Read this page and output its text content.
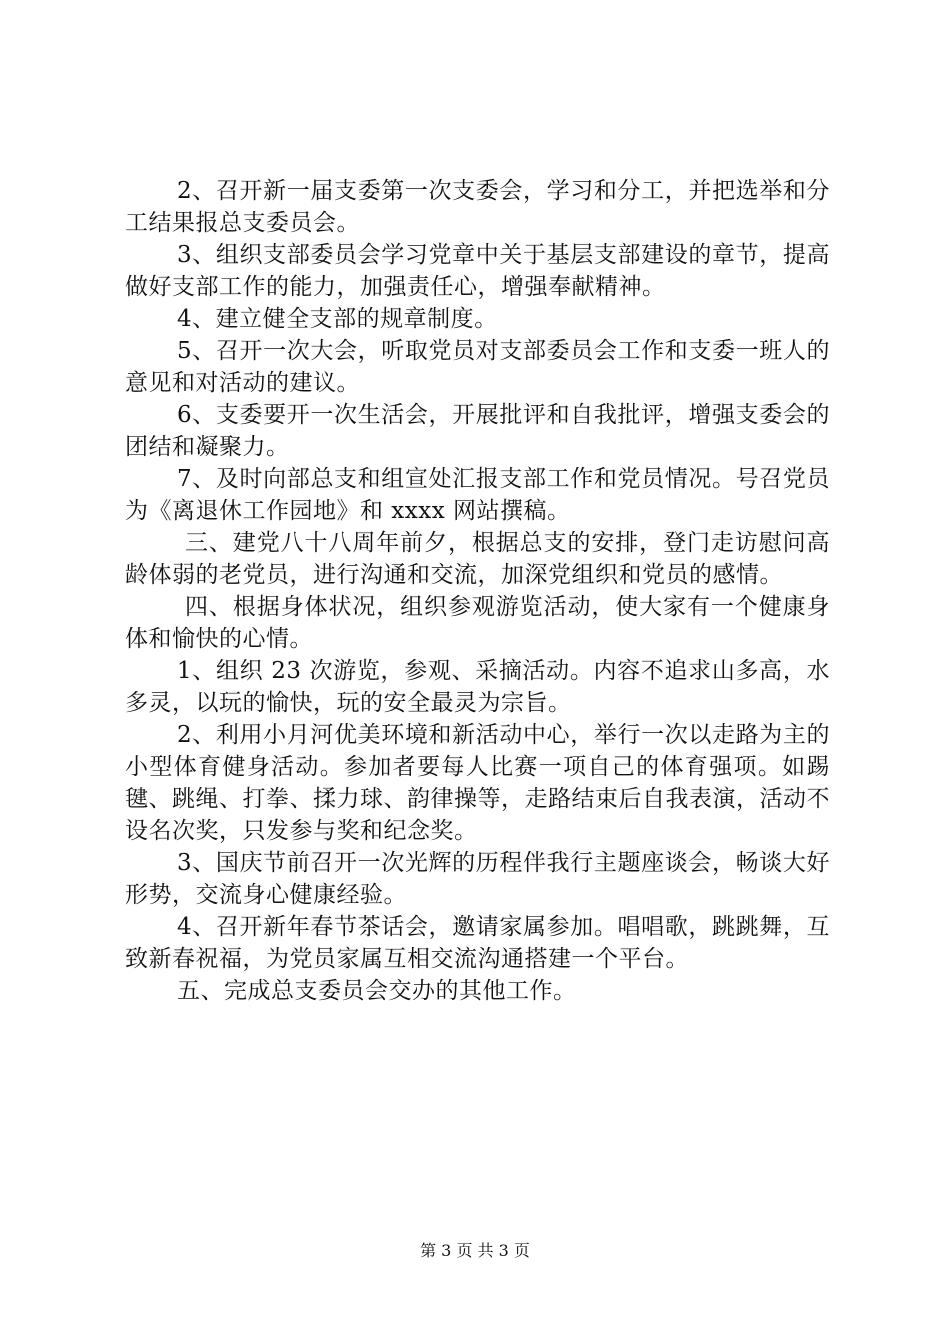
2、召开新一届支委第一次支委会，学习和分工，并把选举和分工结果报总支委员会。

3、组织支部委员会学习党章中关于基层支部建设的章节，提高做好支部工作的能力，加强责任心，增强奉献精神。

4、建立健全支部的规章制度。

5、召开一次大会，听取党员对支部委员会工作和支委一班人的意见和对活动的建议。

6、支委要开一次生活会，开展批评和自我批评，增强支委会的团结和凝聚力。

7、及时向部总支和组宣处汇报支部工作和党员情况。号召党员为《离退休工作园地》和 xxxx 网站撰稿。

三、建党八十八周年前夕，根据总支的安排，登门走访慰问高龄体弱的老党员，进行沟通和交流，加深党组织和党员的感情。

四、根据身体状况，组织参观游览活动，使大家有一个健康身体和愉快的心情。

1、组织 23 次游览，参观、采摘活动。内容不追求山多高，水多灵，以玩的愉快，玩的安全最灵为宗旨。

2、利用小月河优美环境和新活动中心，举行一次以走路为主的小型体育健身活动。参加者要每人比赛一项自己的体育强项。如踢毽、跳绳、打拳、揉力球、韵律操等，走路结束后自我表演，活动不设名次奖，只发参与奖和纪念奖。

3、国庆节前召开一次光辉的历程伴我行主题座谈会，畅谈大好形势，交流身心健康经验。

4、召开新年春节茶话会，邀请家属参加。唱唱歌，跳跳舞，互致新春祝福，为党员家属互相交流沟通搭建一个平台。

五、完成总支委员会交办的其他工作。

第 3 页 共 3 页
